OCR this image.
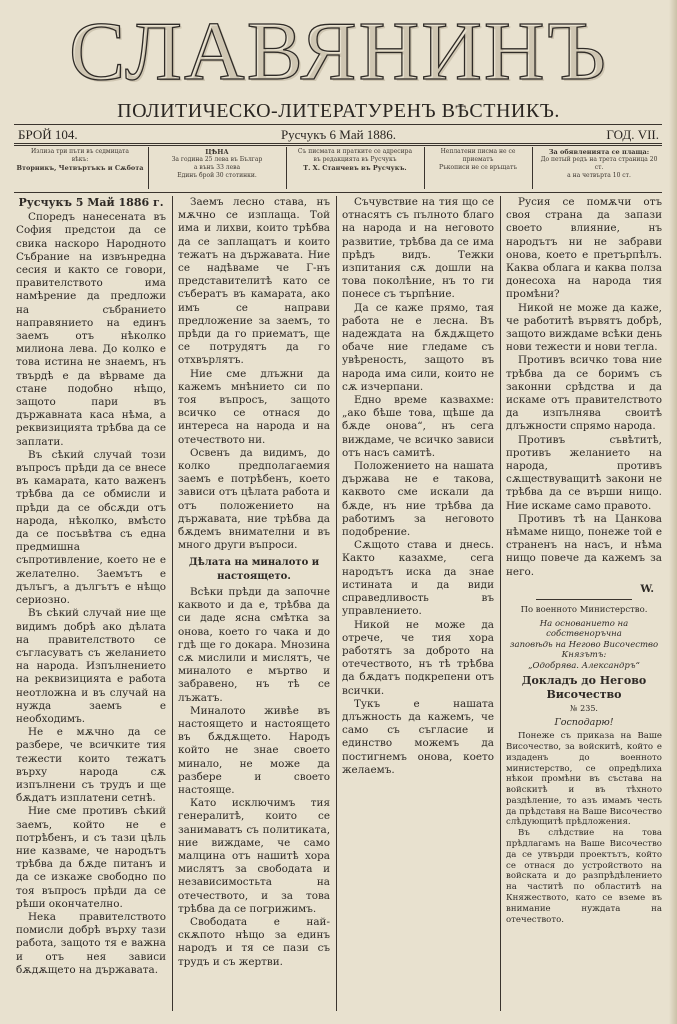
СЛАВЯНИНЪ
ПОЛИТИЧЕСКО-ЛИТЕРАТУРЕНЪ ВѢСТНИКЪ.
БРОЙ 104.	Русчукъ 6 Май 1886.	ГОД. VII.
Излиза три пъти въ седмицата
вѣкъ:
Вторникъ, Четвъртъкъ и Сѫбота
ЦѢНА
За година 25 лева въ Българ
а вънъ 33 лева
Единъ брой 30 стотинки.
Съ писмата и пратките се адресира
въ редакцията въ Русчукъ
Т. Х. Станчевъ въ Русчукъ.
Неплатени писма не се приематъ
Ръкописи не се връщатъ
За обявленията се плаща:
До петый редъ на трета страница 20 ст.
а на четвърта 10 ст.
Русчукъ 5 Май 1886 г.

Споредъ нанесената въ София предстои да се свика наскоро Народното Събрание на извънредна сесия и както се говори, правителството има намѣрение да предложи на събранието направянието на единъ заемъ отъ нѣколко милиона лева. До колко е това истина не знаемъ, нъ твърдѣ е да вѣрваме да стане подобно нѣщо, защото пари въ държавната каса нѣма, а реквизицията трѣбва да се заплати.

Въ сѣкий случай този въпросъ прѣди да се внесе въ камарата, като важенъ трѣбва да се обмисли и прѣди да се обсѫди отъ народа, нѣколко, вмѣсто да се посъвѣтва съ една предмишна съпротивление, което не е желателно. Заемътъ е дълъгъ, а дългътъ е нѣщо сериозно.

Въ сѣкий случай ние ще видимъ добрѣ ако дѣлата на правителството се съгласуватъ съ желанието на народа. Изпълнението на реквизицията е работа неотложна и въ случай на нужда заемъ е необходимъ.

Не е мѫчно да се разбере, че всичките тия тежести които тежатъ върху народа сѫ изпълнени съ трудъ и ще бѫдатъ изплатени сетнѣ.

Ние сме противъ сѣкий заемъ, който не е потрѣбенъ, и съ тази цѣль ние казваме, че народътъ трѣбва да бѫде питанъ и да се изкаже свободно по тоя въпросъ прѣди да се рѣши окончателно.

Нека правителството помисли добрѣ върху тази работа, защото тя е важна и отъ нея зависи бѫдѫщето на държавата.

Заемъ лесно става, нъ мѫчно се изплаща. Той има и лихви, които трѣбва да се заплащатъ и които тежатъ на държавата. Ние се надѣваме че Г-нъ представителитѣ като се събератъ въ камарата, ако имъ се направи предложение за заемъ, то прѣди да го приематъ, ще се потрудятъ да го отхвърлятъ.

Ние сме длъжни да кажемъ мнѣнието си по тоя въпросъ, защото всичко се отнася до интереса на народа и на отечеството ни.

Освенъ да видимъ, до колко предполагаемия заемъ е потрѣбенъ, което зависи отъ цѣлата работа и отъ положението на държавата, ние трѣбва да бѫдемъ внимателни и въ много други въпроси.

Дѣлата на миналото и настоящето.

Всѣки прѣди да започне каквото и да е, трѣбва да си даде ясна смѣтка за онова, което го чака и до гдѣ ще го докара. Мнозина сѫ мислили и мислятъ, че миналото е мъртво и забравено, нъ тѣ се лъжатъ.

Миналото живѣе въ настоящето и настоящето въ бѫдѫщето. Народъ който не знае своето минало, не може да разбере и своето настояще.

Като исключимъ тия генералитѣ, които се занимаватъ съ политиката, ние виждаме, че само малцина отъ нашитѣ хора мислятъ за свободата и независимостьта на отечеството, и за това трѣбва да се погрижимъ.

Свободата е най-скѫпото нѣщо за единъ народъ и тя се пази съ трудъ и съ жертви.

Съчувствие на тия що се отнасятъ съ пълното благо на народа и на неговото развитие, трѣбва да се има прѣдъ видъ. Тежки изпитания сѫ дошли на това поколѣние, нъ то ги понесе съ търпѣние.

Да се каже прямо, тая работа не е лесна. Въ надеждата на бѫдѫщето обаче ние гледаме съ увѣреность, защото въ народа има сили, които не сѫ изчерпани.

Едно време казвахме: „ако бѣше това, щѣше да бѫде онова“, нъ сега виждаме, че всичко зависи отъ насъ самитѣ.

Положението на нашата държава не е такова, каквото сме искали да бѫде, нъ ние трѣбва да работимъ за неговото подобрение.

Сѫщото става и днесь. Както казахме, сега народътъ иска да знае истината и да види справедливость въ управлението.

Никой не може да отрече, че тия хора работятъ за доброто на отечеството, нъ тѣ трѣбва да бѫдатъ подкрепени отъ всички.

Тукъ е нашата длъжность да кажемъ, че само съ съгласие и единство можемъ да постигнемъ онова, което желаемъ.

Русия се помѫчи отъ своя страна да запази своето влияние, нъ народътъ ни не забрави онова, което е претърпѣлъ. Каква облага и каква полза донесоха на народа тия промѣни?

Никой не може да каже, че работитѣ вървятъ добрѣ, защото виждаме всѣки день нови тежести и нови тегла.

Противъ всичко това ние трѣбва да се боримъ съ законни срѣдства и да искаме отъ правителството да изпълнява своитѣ длъжности спрямо народа.

Противъ съвѣтитѣ, противъ желанието на народа, противъ сѫществуващитѣ закони не трѣбва да се върши нищо. Ние искаме само правото.

Противъ тѣ на Цанкова нѣмаме нищо, понеже той е страненъ на насъ, и нѣма нищо повече да кажемъ за него.

W.
По военното Министерство.
На основанието на собственоръчна
заповѣдь на Негово Височество Князътъ:
„Одобрява. Александръ“
Докладъ до Негово Височество
№ 235.
Господарю!

Понеже съ приказа на Ваше Височество, за войскитѣ, който е издаденъ до военното министерство, се опредѣлиха нѣкои промѣни въ състава на войскитѣ и въ тѣхното раздѣление, то азъ имамъ честь да прѣдставя на Ваше Височество слѣдующитѣ прѣдложения.

Въ слѣдствие на това прѣдлагамъ на Ваше Височество да се утвърди проектътъ, който се отнася до устройството на войската и до разпрѣдѣлението на частитѣ по областитѣ на Княжеството, като се вземе въ внимание нуждата на отечеството.
